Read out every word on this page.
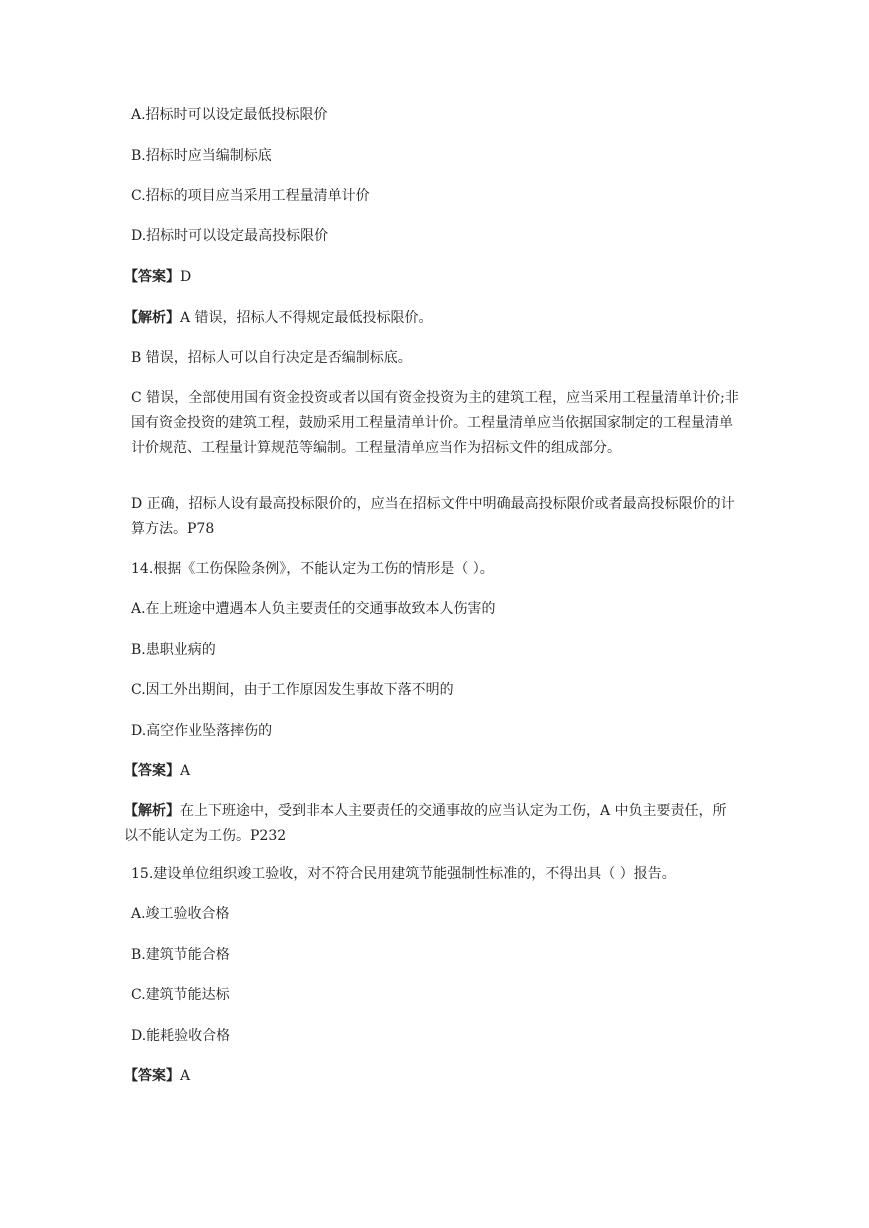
A.招标时可以设定最低投标限价

B.招标时应当编制标底

C.招标的项目应当采用工程量清单计价

D.招标时可以设定最高投标限价

【答案】D

【解析】A 错误，招标人不得规定最低投标限价。

B 错误，招标人可以自行决定是否编制标底。

C 错误，全部使用国有资金投资或者以国有资金投资为主的建筑工程，应当采用工程量清单计价;非国有资金投资的建筑工程，鼓励采用工程量清单计价。工程量清单应当依据国家制定的工程量清单计价规范、工程量计算规范等编制。工程量清单应当作为招标文件的组成部分。

D 正确，招标人设有最高投标限价的，应当在招标文件中明确最高投标限价或者最高投标限价的计算方法。P78

14.根据《工伤保险条例》，不能认定为工伤的情形是（ ）。

A.在上班途中遭遇本人负主要责任的交通事故致本人伤害的

B.患职业病的

C.因工外出期间，由于工作原因发生事故下落不明的

D.高空作业坠落摔伤的

【答案】A

【解析】在上下班途中，受到非本人主要责任的交通事故的应当认定为工伤，A 中负主要责任，所以不能认定为工伤。P232

15.建设单位组织竣工验收，对不符合民用建筑节能强制性标准的，不得出具（ ）报告。

A.竣工验收合格

B.建筑节能合格

C.建筑节能达标

D.能耗验收合格

【答案】A
